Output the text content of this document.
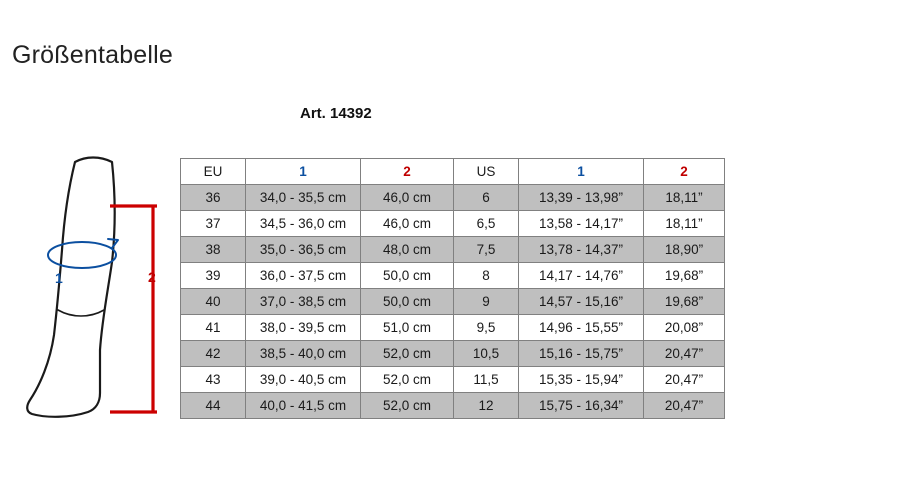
Größentabelle
Art. 14392
1	2
EU	1	2	US	1	2
36	34,0 - 35,5 cm	46,0 cm	6	13,39 - 13,98”	18,11”
37	34,5 - 36,0 cm	46,0 cm	6,5	13,58 - 14,17”	18,11”
38	35,0 - 36,5 cm	48,0 cm	7,5	13,78 - 14,37”	18,90”
39	36,0 - 37,5 cm	50,0 cm	8	14,17 - 14,76”	19,68”
40	37,0 - 38,5 cm	50,0 cm	9	14,57 - 15,16”	19,68”
41	38,0 - 39,5 cm	51,0 cm	9,5	14,96 - 15,55”	20,08”
42	38,5 - 40,0 cm	52,0 cm	10,5	15,16 - 15,75”	20,47”
43	39,0 - 40,5 cm	52,0 cm	11,5	15,35 - 15,94”	20,47”
44	40,0 - 41,5 cm	52,0 cm	12	15,75 - 16,34”	20,47”
